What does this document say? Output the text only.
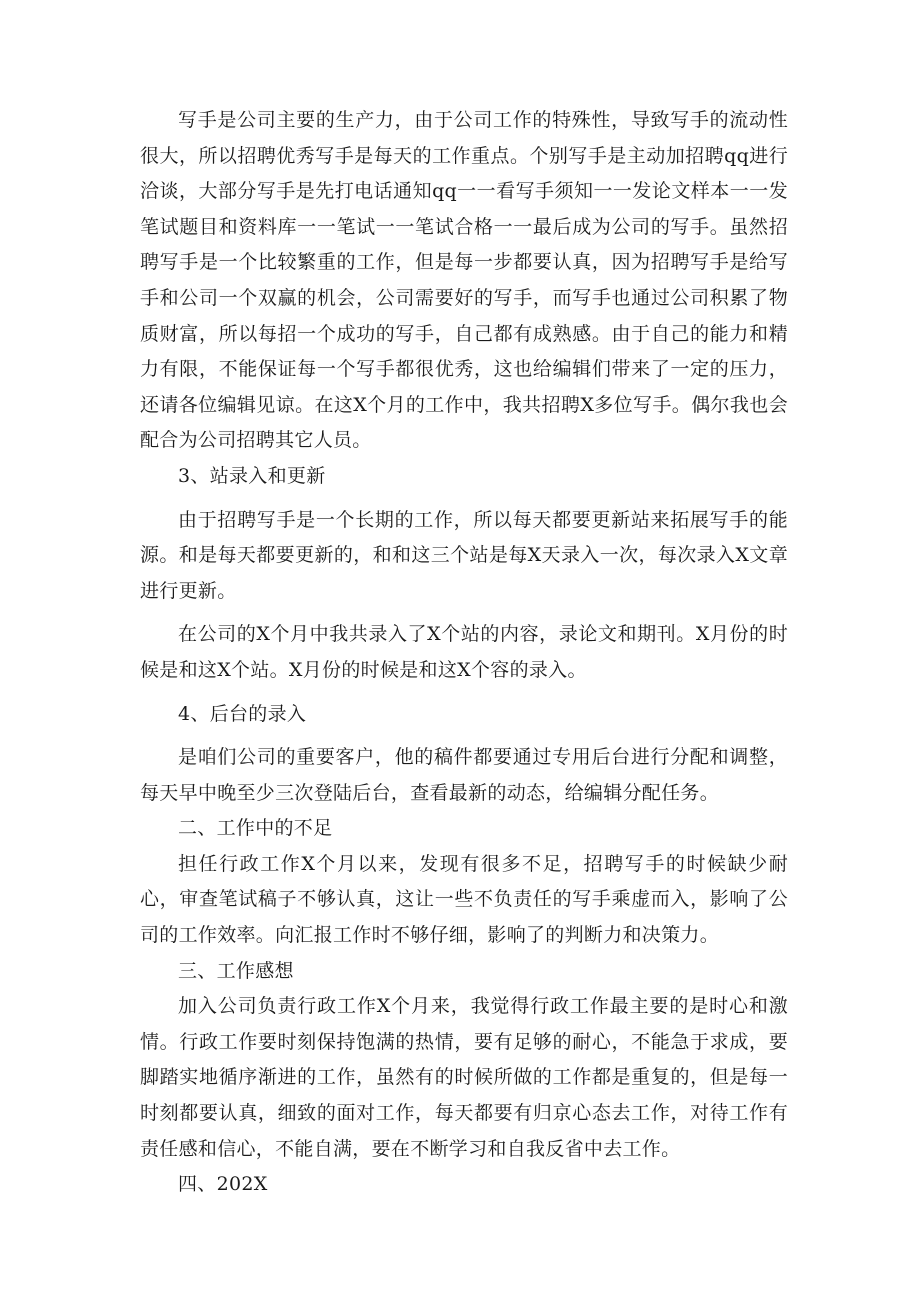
写手是公司主要的生产力，由于公司工作的特殊性，导致写手的流动性很大，所以招聘优秀写手是每天的工作重点。个别写手是主动加招聘qq进行洽谈，大部分写手是先打电话通知qq一一看写手须知一一发论文样本一一发笔试题目和资料库一一笔试一一笔试合格一一最后成为公司的写手。虽然招聘写手是一个比较繁重的工作，但是每一步都要认真，因为招聘写手是给写手和公司一个双赢的机会，公司需要好的写手，而写手也通过公司积累了物质财富，所以每招一个成功的写手，自己都有成熟感。由于自己的能力和精力有限，不能保证每一个写手都很优秀，这也给编辑们带来了一定的压力，还请各位编辑见谅。在这X个月的工作中，我共招聘X多位写手。偶尔我也会配合为公司招聘其它人员。

3、站录入和更新

由于招聘写手是一个长期的工作，所以每天都要更新站来拓展写手的能源。和是每天都要更新的，和和这三个站是每X天录入一次，每次录入X文章进行更新。

在公司的X个月中我共录入了X个站的内容，录论文和期刊。X月份的时候是和这X个站。X月份的时候是和这X个容的录入。

4、后台的录入

是咱们公司的重要客户，他的稿件都要通过专用后台进行分配和调整，每天早中晚至少三次登陆后台，查看最新的动态，给编辑分配任务。

二、工作中的不足

担任行政工作X个月以来，发现有很多不足，招聘写手的时候缺少耐心，审查笔试稿子不够认真，这让一些不负责任的写手乘虚而入，影响了公司的工作效率。向汇报工作时不够仔细，影响了的判断力和决策力。

三、工作感想

加入公司负责行政工作X个月来，我觉得行政工作最主要的是时心和激情。行政工作要时刻保持饱满的热情，要有足够的耐心，不能急于求成，要脚踏实地循序渐进的工作，虽然有的时候所做的工作都是重复的，但是每一时刻都要认真，细致的面对工作，每天都要有归京心态去工作，对待工作有责任感和信心，不能自满，要在不断学习和自我反省中去工作。

四、202X
